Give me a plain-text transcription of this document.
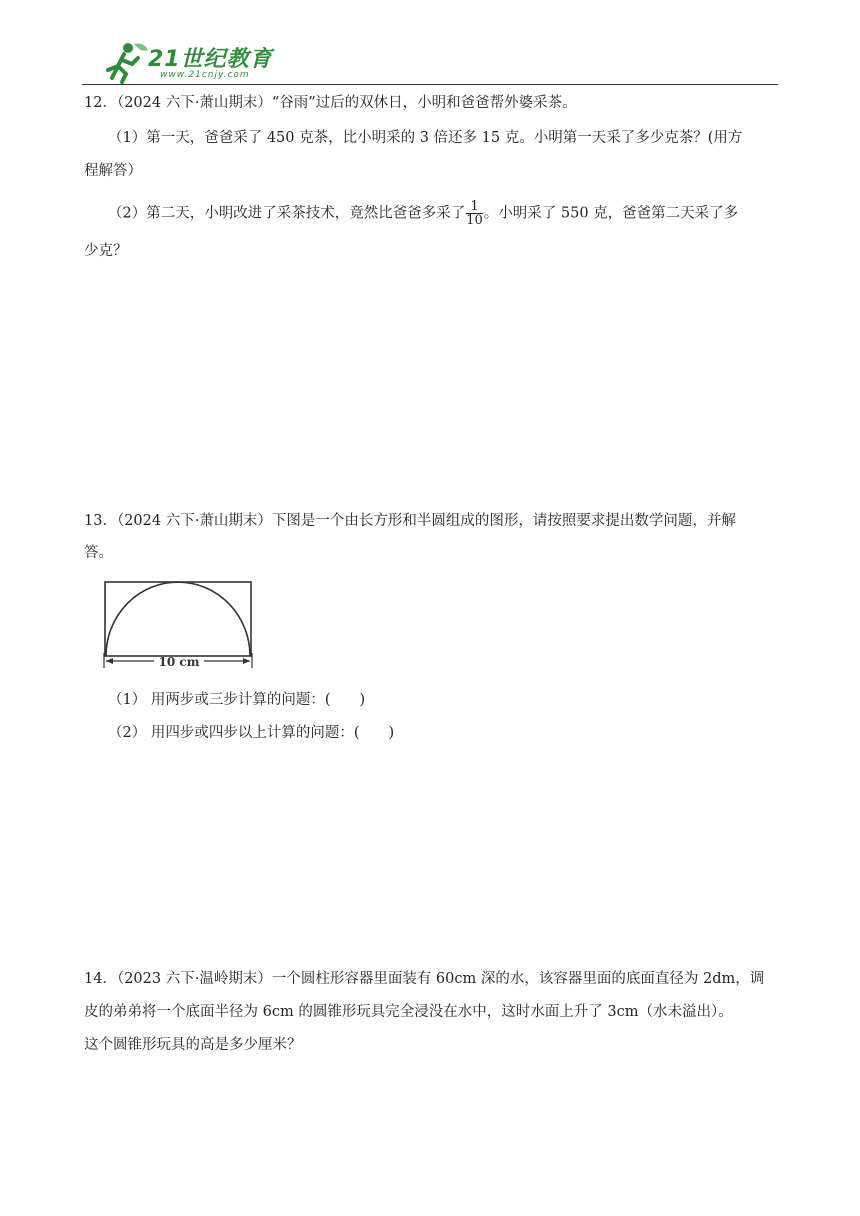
21世纪教育
www.21cnjy.com
12．（2024 六下·萧山期末）“谷雨”过后的双休日，小明和爸爸帮外婆采茶。
（1）第一天，爸爸采了 450 克茶，比小明采的 3 倍还多 15 克。小明第一天采了多少克茶？(用方
程解答）
（2）第二天，小明改进了采茶技术，竟然比爸爸多采了 $\frac{1}{10}$ 。小明采了 550 克，爸爸第二天采了多
少克？
13．（2024 六下·萧山期末）下图是一个由长方形和半圆组成的图形，请按照要求提出数学问题，并解
答。
10 cm
（1） 用两步或三步计算的问题：(　　)
（2） 用四步或四步以上计算的问题：(　　)
14．（2023 六下·温岭期末）一个圆柱形容器里面装有 60cm 深的水，该容器里面的底面直径为 2dm，调
皮的弟弟将一个底面半径为 6cm 的圆锥形玩具完全浸没在水中，这时水面上升了 3cm（水未溢出）。
这个圆锥形玩具的高是多少厘米？
